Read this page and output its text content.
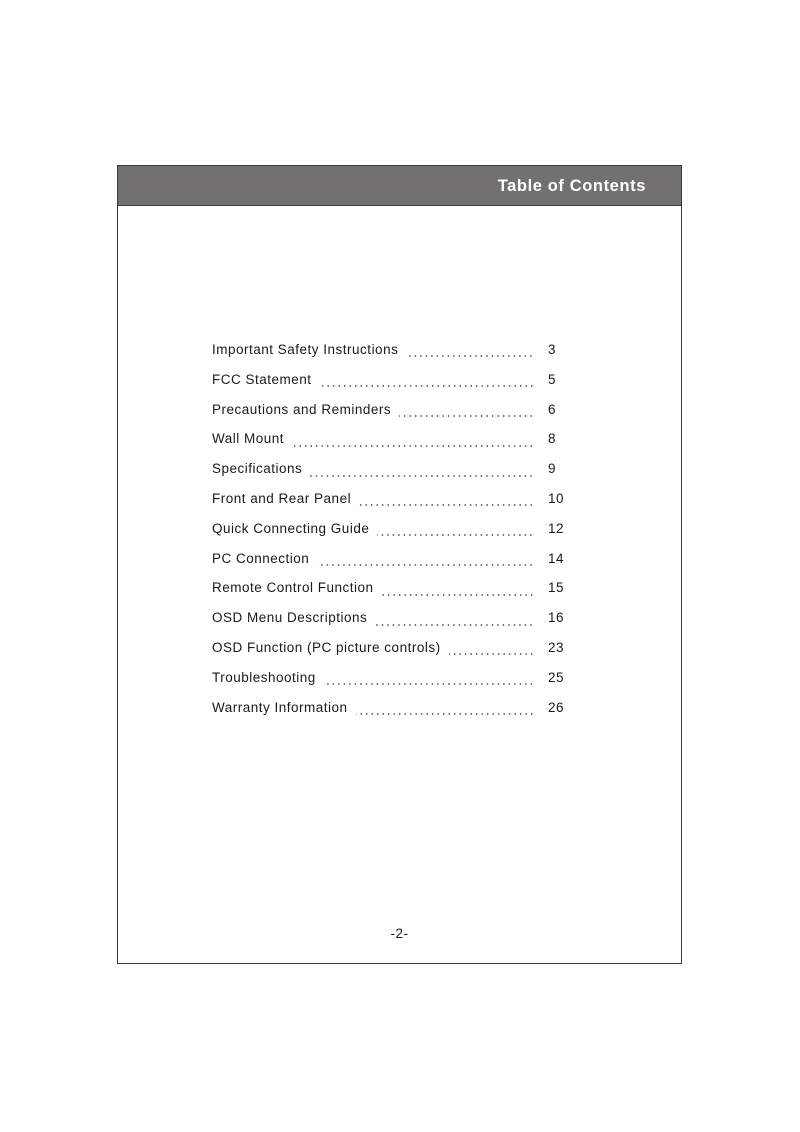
Table of Contents
Important Safety Instructions	3
FCC Statement	5
Precautions and Reminders	6
Wall Mount	8
Specifications	9
Front and Rear Panel	10
Quick Connecting Guide	12
PC Connection	14
Remote Control Function	15
OSD Menu Descriptions	16
OSD Function (PC picture controls)	23
Troubleshooting	25
Warranty Information	26
-2-
